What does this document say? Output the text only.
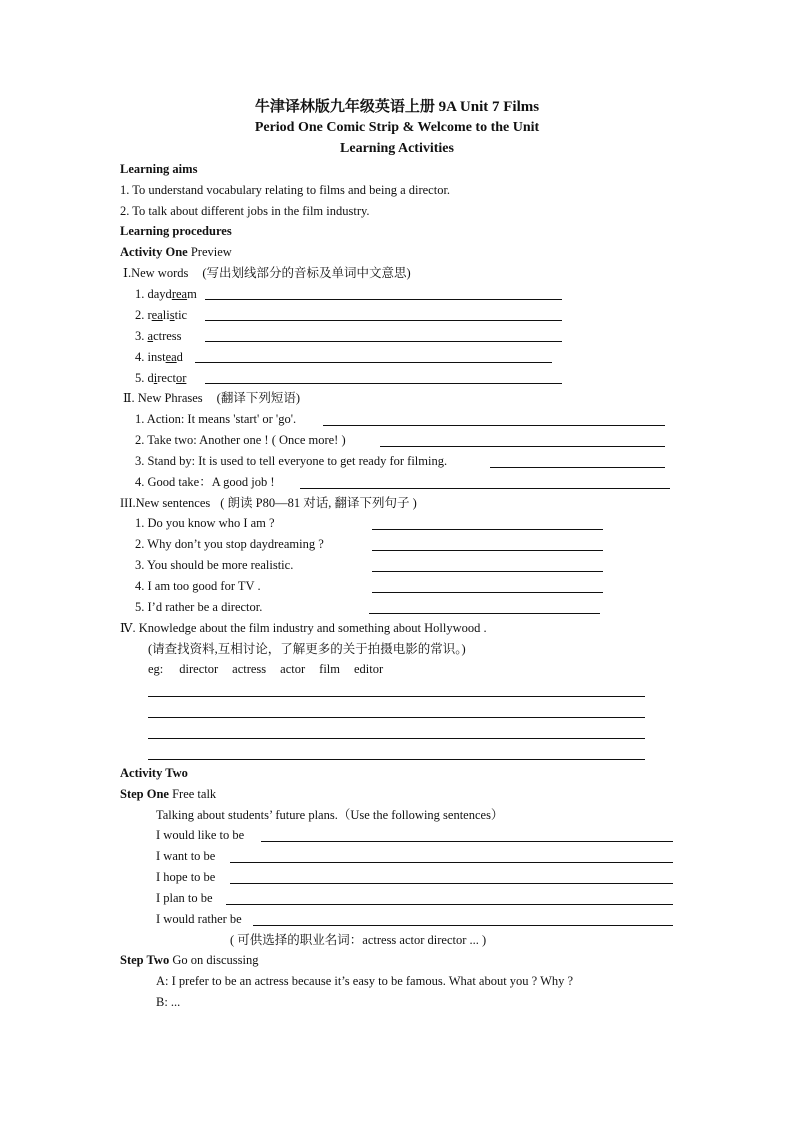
牛津译林版九年级英语上册 9A Unit 7 Films
Period One Comic Strip & Welcome to the Unit
Learning Activities
Learning aims
1. To understand vocabulary relating to films and being a director.
2. To talk about different jobs in the film industry.
Learning procedures
Activity One Preview
Ⅰ.New words (写出划线部分的音标及单词中文意思)
1. daydream
2. realistic
3. actress
4. instead
5. director
Ⅱ. New Phrases (翻译下列短语)
1. Action: It means 'start' or 'go'.
2. Take two: Another one ! ( Once more! )
3. Stand by: It is used to tell everyone to get ready for filming.
4. Good take：A good job !
III.New sentences ( 朗读 P80—81 对话, 翻译下列句子 )
1. Do you know who I am ?
2. Why don’t you stop daydreaming ?
3. You should be more realistic.
4. I am too good for TV .
5. I’d rather be a director.
Ⅳ. Knowledge about the film industry and something about Hollywood .
(请查找资料,互相讨论，了解更多的关于拍摄电影的常识。)
eg: director actress actor film editor
Activity Two
Step One Free talk
Talking about students’ future plans.（Use the following sentences）
I would like to be
I want to be
I hope to be
I plan to be
I would rather be
( 可供选择的职业名词：actress actor director ... )
Step Two Go on discussing
A: I prefer to be an actress because it’s easy to be famous. What about you ? Why ?
B: ...
